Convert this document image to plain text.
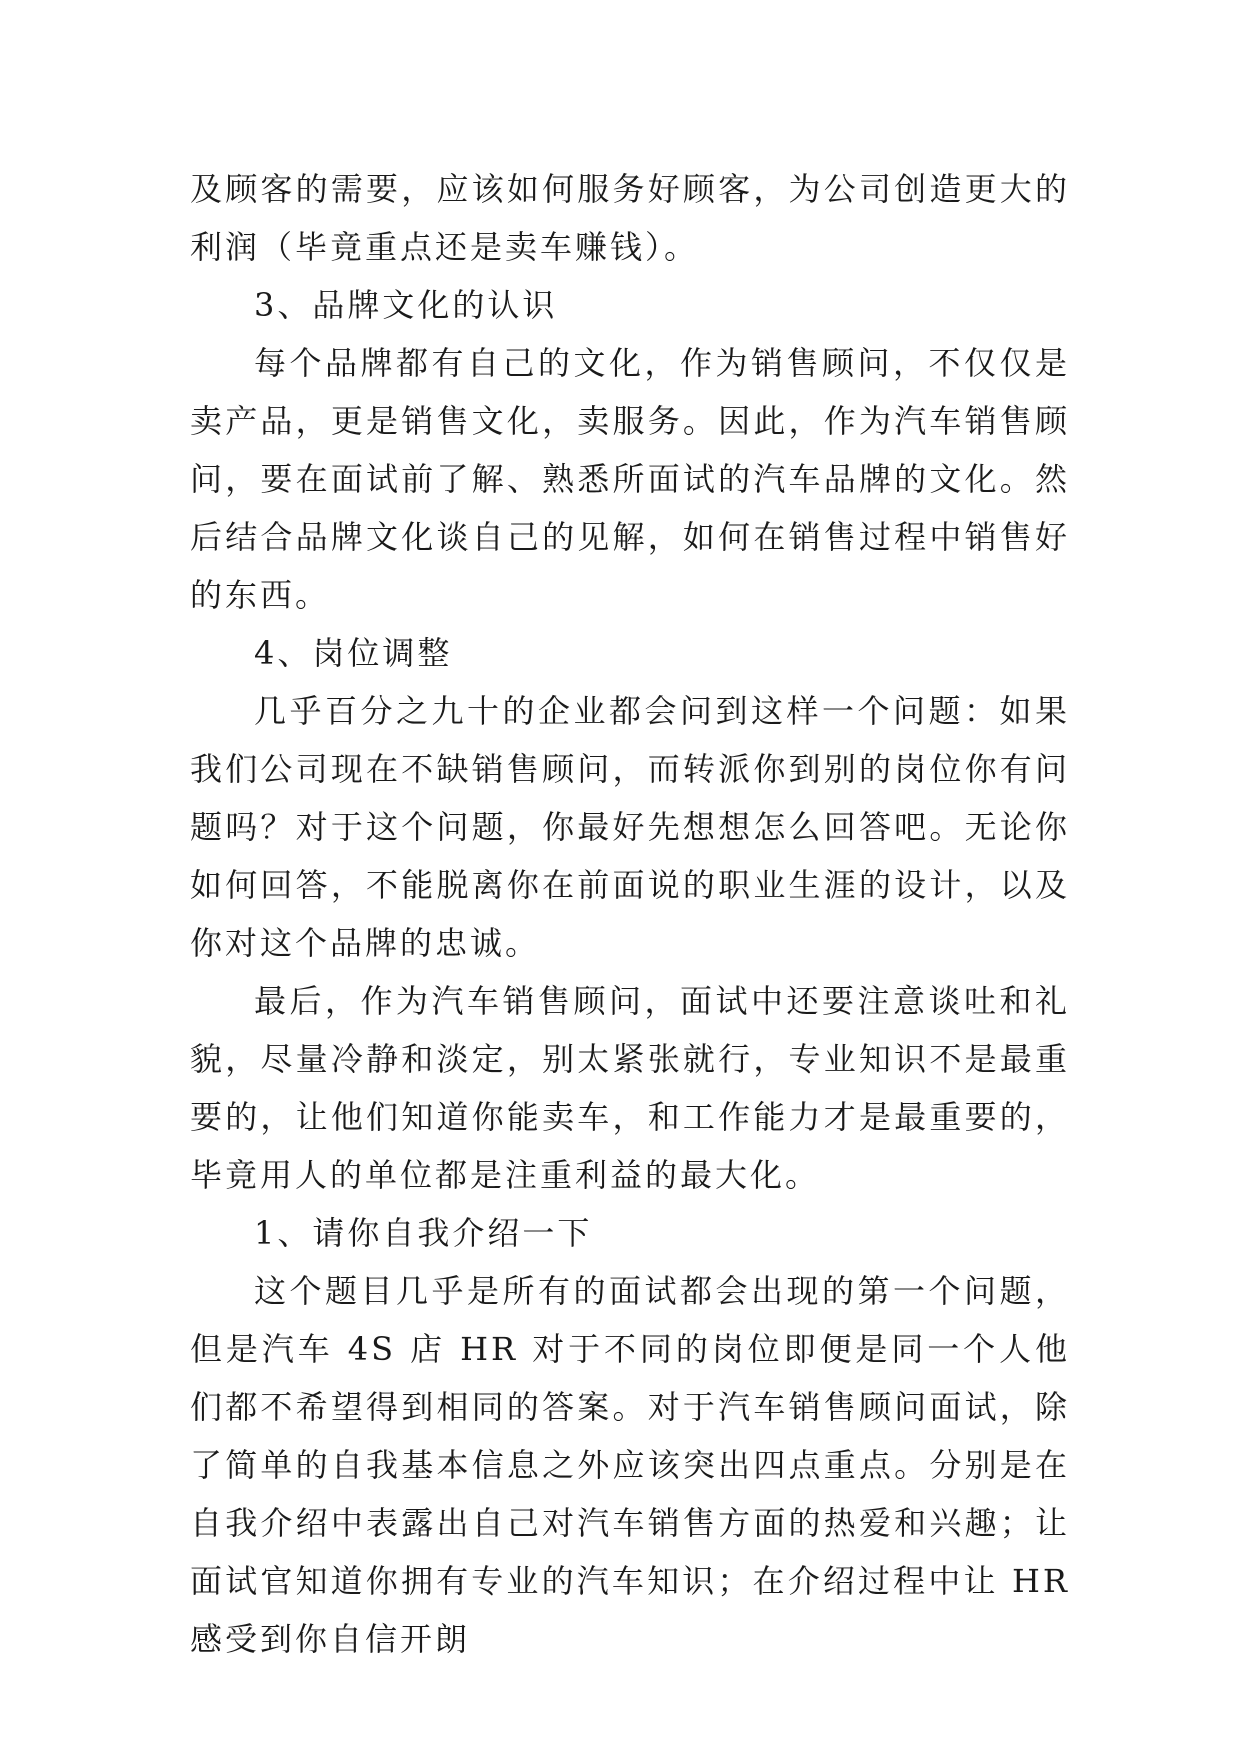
及顾客的需要，应该如何服务好顾客，为公司创造更大的利润（毕竟重点还是卖车赚钱）。

3、品牌文化的认识

每个品牌都有自己的文化，作为销售顾问，不仅仅是卖产品，更是销售文化，卖服务。因此，作为汽车销售顾问，要在面试前了解、熟悉所面试的汽车品牌的文化。然后结合品牌文化谈自己的见解，如何在销售过程中销售好的东西。

4、岗位调整

几乎百分之九十的企业都会问到这样一个问题：如果我们公司现在不缺销售顾问，而转派你到别的岗位你有问题吗？对于这个问题，你最好先想想怎么回答吧。无论你如何回答，不能脱离你在前面说的职业生涯的设计，以及你对这个品牌的忠诚。

最后，作为汽车销售顾问，面试中还要注意谈吐和礼貌，尽量冷静和淡定，别太紧张就行，专业知识不是最重要的，让他们知道你能卖车，和工作能力才是最重要的，毕竟用人的单位都是注重利益的最大化。

1、请你自我介绍一下

这个题目几乎是所有的面试都会出现的第一个问题，但是汽车 4S 店 HR 对于不同的岗位即便是同一个人他们都不希望得到相同的答案。对于汽车销售顾问面试，除了简单的自我基本信息之外应该突出四点重点。分别是在自我介绍中表露出自己对汽车销售方面的热爱和兴趣；让面试官知道你拥有专业的汽车知识；在介绍过程中让 HR 感受到你自信开朗
